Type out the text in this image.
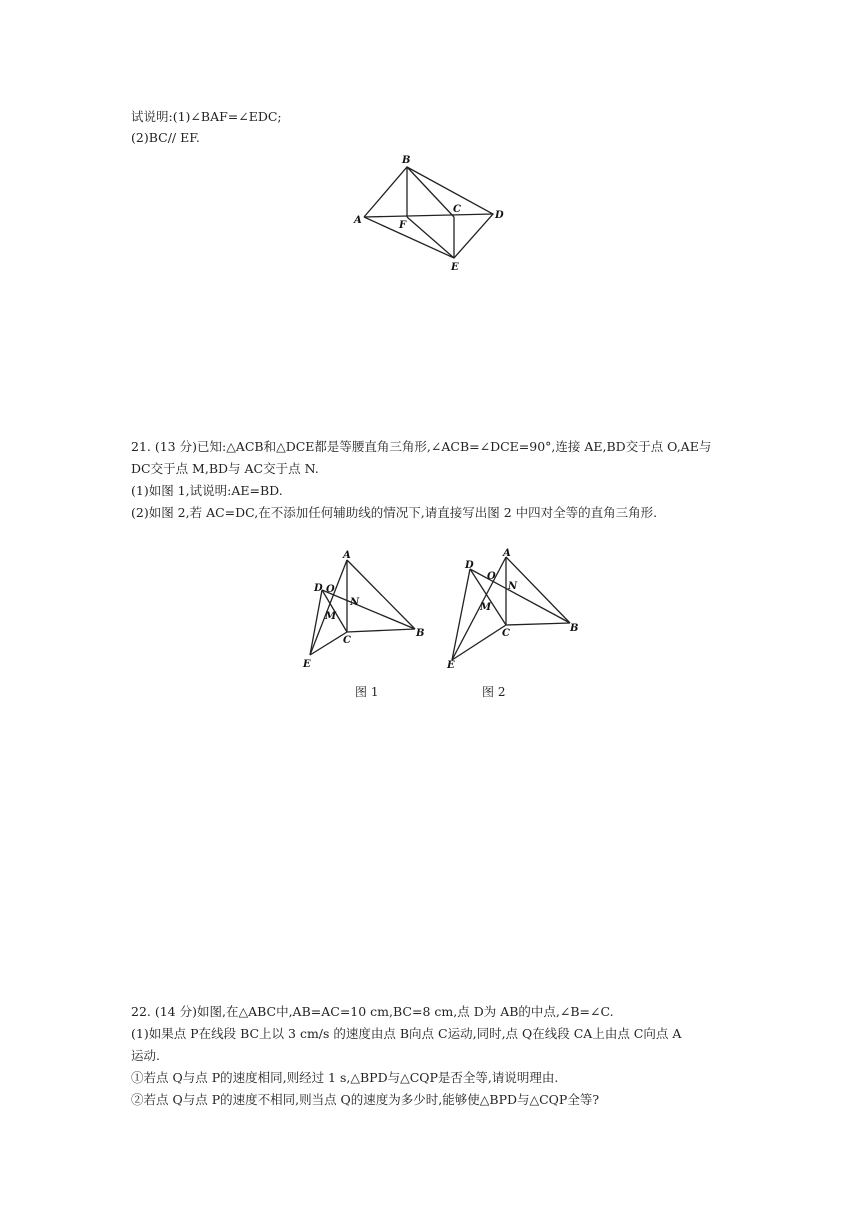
试说明:(1)∠BAF=∠EDC;
(2)BC// EF.
B
A	F
C
D
E
21. (13 分)已知:△ACB和△DCE都是等腰直角三角形,∠ACB=∠DCE=90°,连接 AE,BD交于点 O,AE与
DC交于点 M,BD与 AC交于点 N.
(1)如图 1,试说明:AE=BD.
(2)如图 2,若 AC=DC,在不添加任何辅助线的情况下,请直接写出图 2 中四对全等的直角三角形.
A
D O
N
M
C
B
E
图 1
A
D
O
N
M
C	B
E
图 2
22. (14 分)如图,在△ABC中,AB=AC=10 cm,BC=8 cm,点 D为 AB的中点,∠B=∠C.
(1)如果点 P在线段 BC上以 3 cm/s 的速度由点 B向点 C运动,同时,点 Q在线段 CA上由点 C向点 A
运动.
①若点 Q与点 P的速度相同,则经过 1 s,△BPD与△CQP是否全等,请说明理由.
②若点 Q与点 P的速度不相同,则当点 Q的速度为多少时,能够使△BPD与△CQP全等?
